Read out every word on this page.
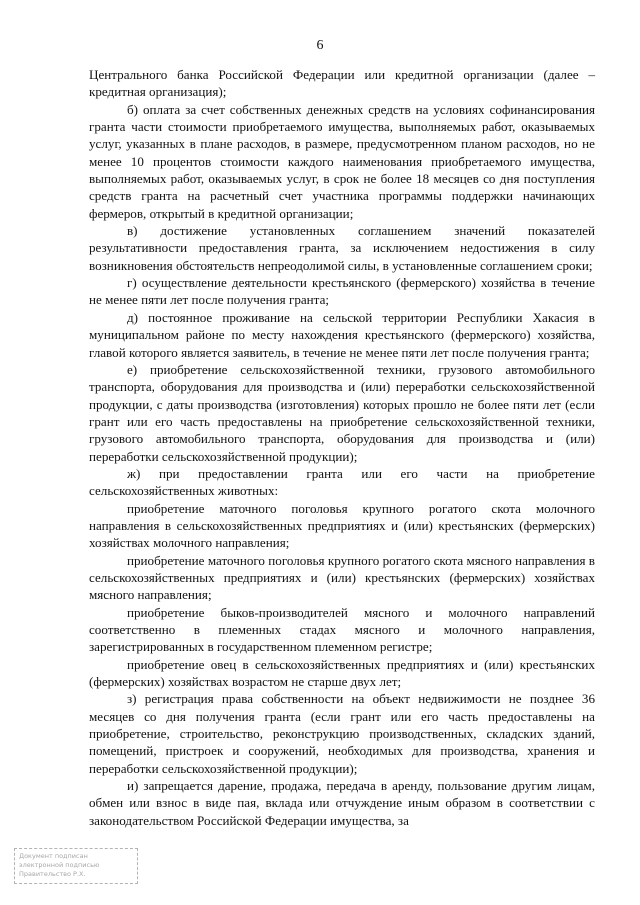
6

Центрального банка Российской Федерации или кредитной организации (далее – кредитная организация);

б) оплата за счет собственных денежных средств на условиях софинансирования гранта части стоимости приобретаемого имущества, выполняемых работ, оказываемых услуг, указанных в плане расходов, в размере, предусмотренном планом расходов, но не менее 10 процентов стоимости каждого наименования приобретаемого имущества, выполняемых работ, оказываемых услуг, в срок не более 18 месяцев со дня поступления средств гранта на расчетный счет участника программы поддержки начинающих фермеров, открытый в кредитной организации;

в) достижение установленных соглашением значений показателей результативности предоставления гранта, за исключением недостижения в силу возникновения обстоятельств непреодолимой силы, в установленные соглашением сроки;

г) осуществление деятельности крестьянского (фермерского) хозяйства в течение не менее пяти лет после получения гранта;

д) постоянное проживание на сельской территории Республики Хакасия в муниципальном районе по месту нахождения крестьянского (фермерского) хозяйства, главой которого является заявитель, в течение не менее пяти лет после получения гранта;

е) приобретение сельскохозяйственной техники, грузового автомобильного транспорта, оборудования для производства и (или) переработки сельскохозяйственной продукции, с даты производства (изготовления) которых прошло не более пяти лет (если грант или его часть предоставлены на приобретение сельскохозяйственной техники, грузового автомобильного транспорта, оборудования для производства и (или) переработки сельскохозяйственной продукции);

ж) при предоставлении гранта или его части на приобретение сельскохозяйственных животных:

приобретение маточного поголовья крупного рогатого скота молочного направления в сельскохозяйственных предприятиях и (или) крестьянских (фермерских) хозяйствах молочного направления;

приобретение маточного поголовья крупного рогатого скота мясного направления в сельскохозяйственных предприятиях и (или) крестьянских (фермерских) хозяйствах мясного направления;

приобретение быков-производителей мясного и молочного направлений соответственно в племенных стадах мясного и молочного направления, зарегистрированных в государственном племенном регистре;

приобретение овец в сельскохозяйственных предприятиях и (или) крестьянских (фермерских) хозяйствах возрастом не старше двух лет;

з) регистрация права собственности на объект недвижимости не позднее 36 месяцев со дня получения гранта (если грант или его часть предоставлены на приобретение, строительство, реконструкцию производственных, складских зданий, помещений, пристроек и сооружений, необходимых для производства, хранения и переработки сельскохозяйственной продукции);

и) запрещается дарение, продажа, передача в аренду, пользование другим лицам, обмен или взнос в виде пая, вклада или отчуждение иным образом в соответствии с законодательством Российской Федерации имущества, за

Документ подписан
электронной подписью
Правительство Р.Х.
